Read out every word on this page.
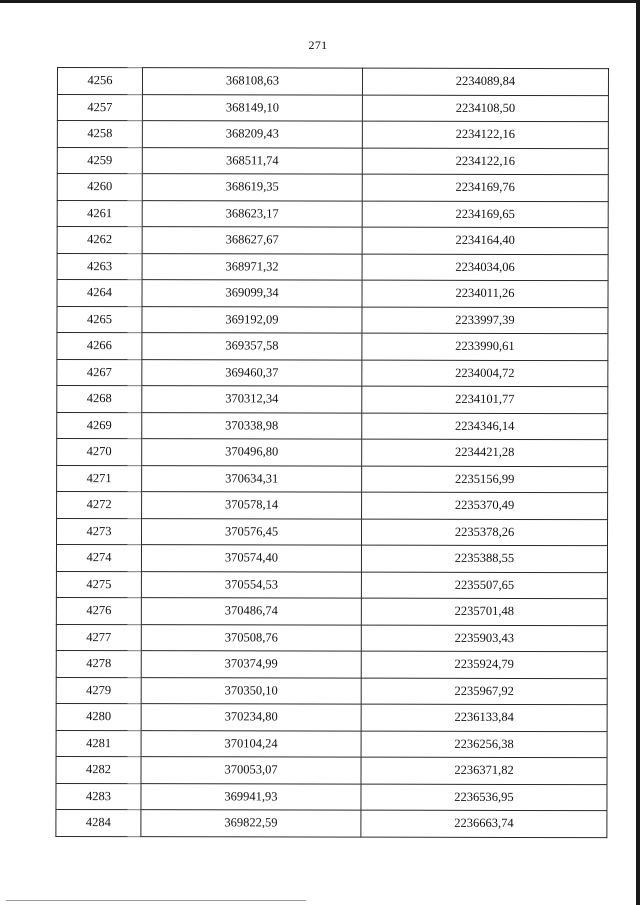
271
4256	368108,63	2234089,84
4257	368149,10	2234108,50
4258	368209,43	2234122,16
4259	368511,74	2234122,16
4260	368619,35	2234169,76
4261	368623,17	2234169,65
4262	368627,67	2234164,40
4263	368971,32	2234034,06
4264	369099,34	2234011,26
4265	369192,09	2233997,39
4266	369357,58	2233990,61
4267	369460,37	2234004,72
4268	370312,34	2234101,77
4269	370338,98	2234346,14
4270	370496,80	2234421,28
4271	370634,31	2235156,99
4272	370578,14	2235370,49
4273	370576,45	2235378,26
4274	370574,40	2235388,55
4275	370554,53	2235507,65
4276	370486,74	2235701,48
4277	370508,76	2235903,43
4278	370374,99	2235924,79
4279	370350,10	2235967,92
4280	370234,80	2236133,84
4281	370104,24	2236256,38
4282	370053,07	2236371,82
4283	369941,93	2236536,95
4284	369822,59	2236663,74
